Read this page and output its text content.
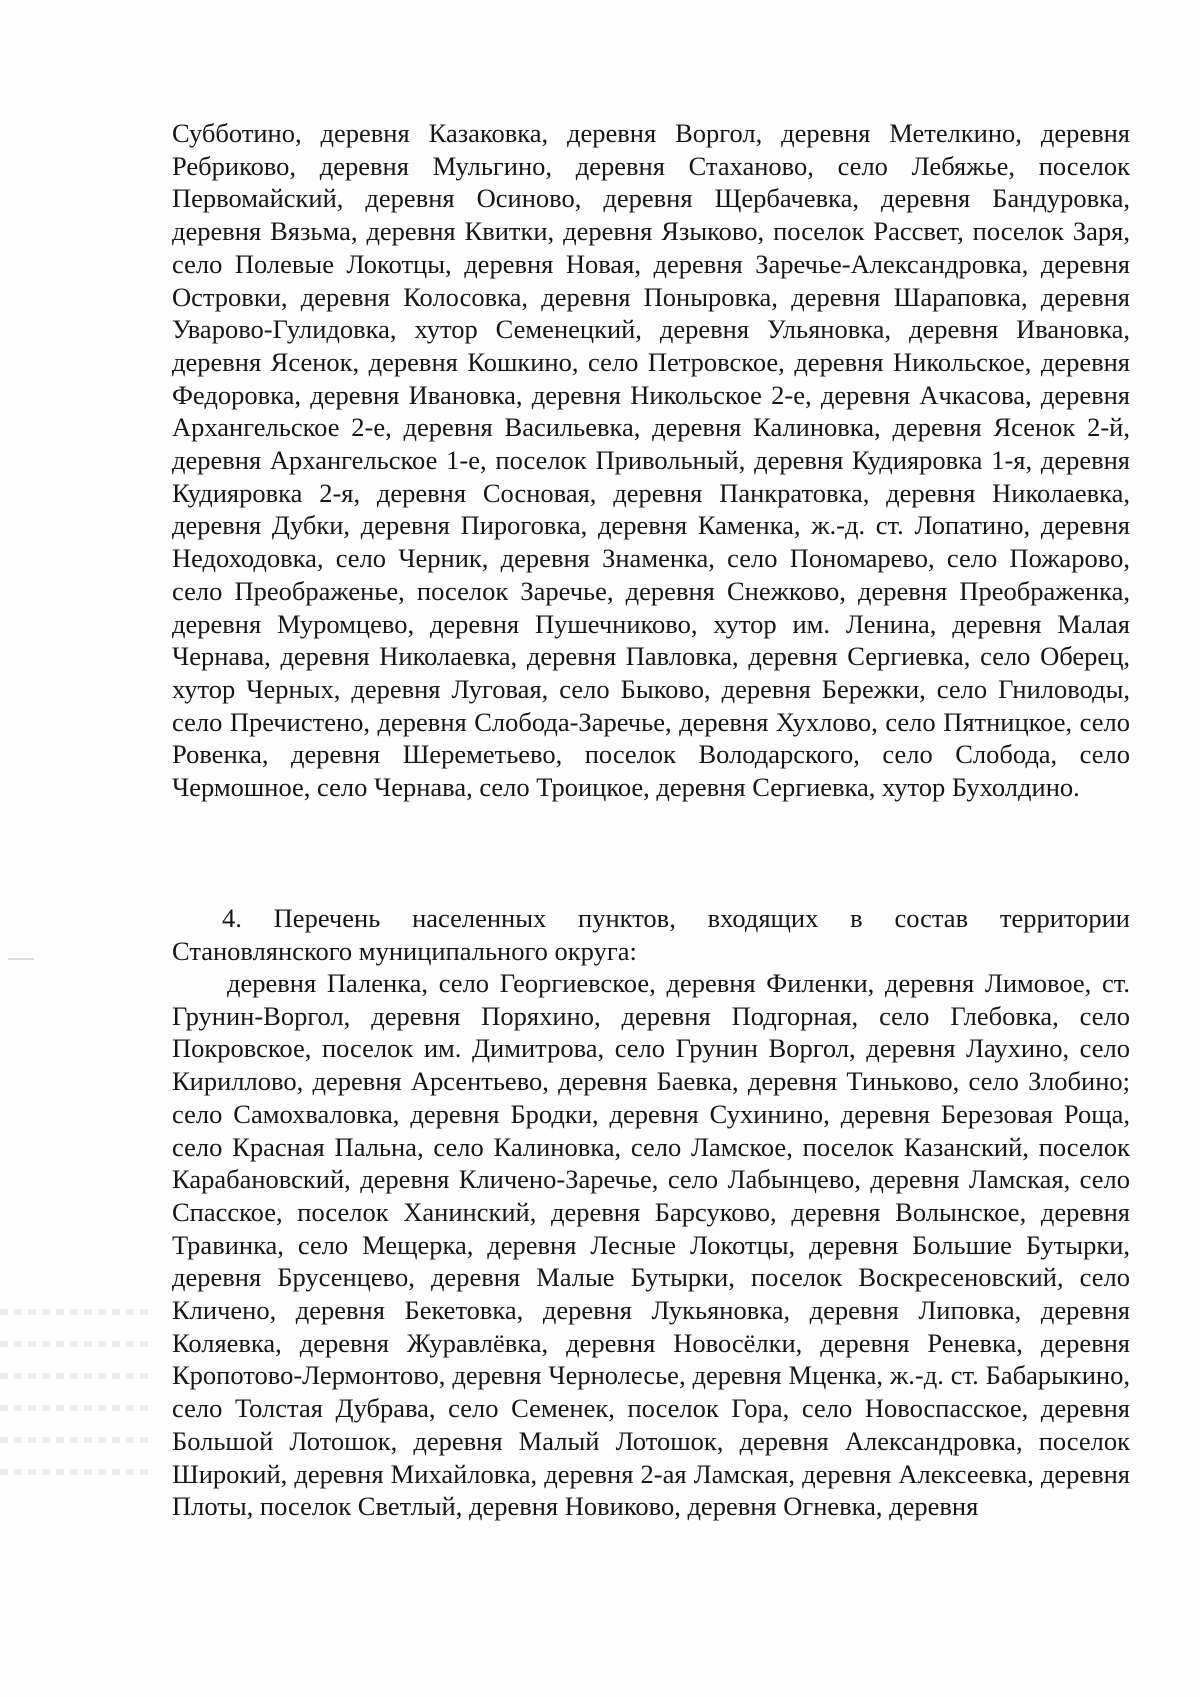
Субботино, деревня Казаковка, деревня Воргол, деревня Метелкино, деревня Ребриково, деревня Мульгино, деревня Стаханово, село Лебяжье, поселок Первомайский, деревня Осиново, деревня Щербачевка, деревня Бандуровка, деревня Вязьма, деревня Квитки, деревня Языково, поселок Рассвет, поселок Заря, село Полевые Локотцы, деревня Новая, деревня Заречье-Александровка, деревня Островки, деревня Колосовка, деревня Поныровка, деревня Шараповка, деревня Уварово-Гулидовка, хутор Семенецкий, деревня Ульяновка, деревня Ивановка, деревня Ясенок, деревня Кошкино, село Петровское, деревня Никольское, деревня Федоровка, деревня Ивановка, деревня Никольское 2-е, деревня Ачкасова, деревня Архангельское 2-е, деревня Васильевка, деревня Калиновка, деревня Ясенок 2-й, деревня Архангельское 1-е, поселок Привольный, деревня Кудияровка 1-я, деревня Кудияровка 2-я, деревня Сосновая, деревня Панкратовка, деревня Николаевка, деревня Дубки, деревня Пироговка, деревня Каменка, ж.-д. ст. Лопатино, деревня Недоходовка, село Черник, деревня Знаменка, село Пономарево, село Пожарово, село Преображенье, поселок Заречье, деревня Снежково, деревня Преображенка, деревня Муромцево, деревня Пушечниково, хутор им. Ленина, деревня Малая Чернава, деревня Николаевка, деревня Павловка, деревня Сергиевка, село Оберец, хутор Черных, деревня Луговая, село Быково, деревня Бережки, село Гниловоды, село Пречистено, деревня Слобода-Заречье, деревня Хухлово, село Пятницкое, село Ровенка, деревня Шереметьево, поселок Володарского, село Слобода, село Чермошное, село Чернава, село Троицкое, деревня Сергиевка, хутор Бухолдино.
4. Перечень населенных пунктов, входящих в состав территории Становлянского муниципального округа:
деревня Паленка, село Георгиевское, деревня Филенки, деревня Лимовое, ст. Грунин-Воргол, деревня Поряхино, деревня Подгорная, село Глебовка, село Покровское, поселок им. Димитрова, село Грунин Воргол, деревня Лаухино, село Кириллово, деревня Арсентьево, деревня Баевка, деревня Тиньково, село Злобино; село Самохваловка, деревня Бродки, деревня Сухинино, деревня Березовая Роща, село Красная Пальна, село Калиновка, село Ламское, поселок Казанский, поселок Карабановский, деревня Кличено-Заречье, село Лабынцево, деревня Ламская, село Спасское, поселок Ханинский, деревня Барсуково, деревня Волынское, деревня Травинка, село Мещерка, деревня Лесные Локотцы, деревня Большие Бутырки, деревня Брусенцево, деревня Малые Бутырки, поселок Воскресеновский, село Кличено, деревня Бекетовка, деревня Лукьяновка, деревня Липовка, деревня Коляевка, деревня Журавлёвка, деревня Новосёлки, деревня Реневка, деревня Кропотово-Лермонтово, деревня Чернолесье, деревня Мценка, ж.-д. ст. Бабарыкино, село Толстая Дубрава, село Семенек, поселок Гора, село Новоспасское, деревня Большой Лотошок, деревня Малый Лотошок, деревня Александровка, поселок Широкий, деревня Михайловка, деревня 2-ая Ламская, деревня Алексеевка, деревня Плоты, поселок Светлый, деревня Новиково, деревня Огневка, деревня
